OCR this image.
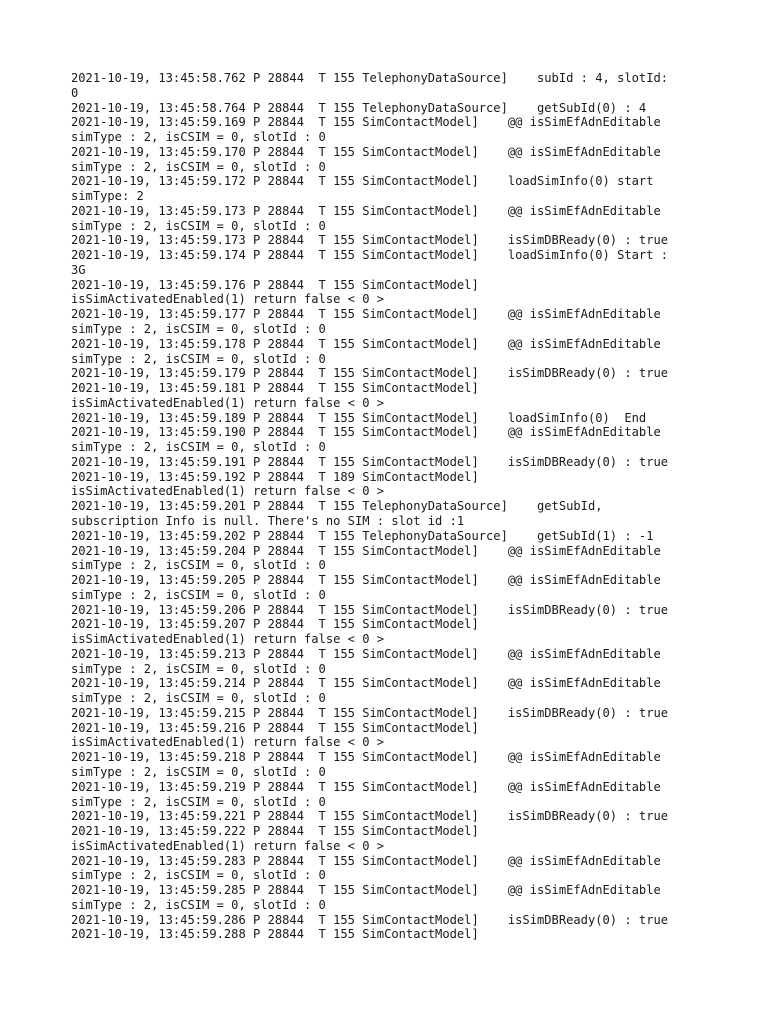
2021-10-19, 13:45:58.762 P 28844  T 155 TelephonyDataSource]    subId : 4, slotId:
0
2021-10-19, 13:45:58.764 P 28844  T 155 TelephonyDataSource]    getSubId(0) : 4
2021-10-19, 13:45:59.169 P 28844  T 155 SimContactModel]    @@ isSimEfAdnEditable
simType : 2, isCSIM = 0, slotId : 0
2021-10-19, 13:45:59.170 P 28844  T 155 SimContactModel]    @@ isSimEfAdnEditable
simType : 2, isCSIM = 0, slotId : 0
2021-10-19, 13:45:59.172 P 28844  T 155 SimContactModel]    loadSimInfo(0) start
simType: 2
2021-10-19, 13:45:59.173 P 28844  T 155 SimContactModel]    @@ isSimEfAdnEditable
simType : 2, isCSIM = 0, slotId : 0
2021-10-19, 13:45:59.173 P 28844  T 155 SimContactModel]    isSimDBReady(0) : true
2021-10-19, 13:45:59.174 P 28844  T 155 SimContactModel]    loadSimInfo(0) Start :
3G
2021-10-19, 13:45:59.176 P 28844  T 155 SimContactModel]
isSimActivatedEnabled(1) return false < 0 >
2021-10-19, 13:45:59.177 P 28844  T 155 SimContactModel]    @@ isSimEfAdnEditable
simType : 2, isCSIM = 0, slotId : 0
2021-10-19, 13:45:59.178 P 28844  T 155 SimContactModel]    @@ isSimEfAdnEditable
simType : 2, isCSIM = 0, slotId : 0
2021-10-19, 13:45:59.179 P 28844  T 155 SimContactModel]    isSimDBReady(0) : true
2021-10-19, 13:45:59.181 P 28844  T 155 SimContactModel]
isSimActivatedEnabled(1) return false < 0 >
2021-10-19, 13:45:59.189 P 28844  T 155 SimContactModel]    loadSimInfo(0)  End
2021-10-19, 13:45:59.190 P 28844  T 155 SimContactModel]    @@ isSimEfAdnEditable
simType : 2, isCSIM = 0, slotId : 0
2021-10-19, 13:45:59.191 P 28844  T 155 SimContactModel]    isSimDBReady(0) : true
2021-10-19, 13:45:59.192 P 28844  T 189 SimContactModel]
isSimActivatedEnabled(1) return false < 0 >
2021-10-19, 13:45:59.201 P 28844  T 155 TelephonyDataSource]    getSubId,
subscription Info is null. There's no SIM : slot id :1
2021-10-19, 13:45:59.202 P 28844  T 155 TelephonyDataSource]    getSubId(1) : -1
2021-10-19, 13:45:59.204 P 28844  T 155 SimContactModel]    @@ isSimEfAdnEditable
simType : 2, isCSIM = 0, slotId : 0
2021-10-19, 13:45:59.205 P 28844  T 155 SimContactModel]    @@ isSimEfAdnEditable
simType : 2, isCSIM = 0, slotId : 0
2021-10-19, 13:45:59.206 P 28844  T 155 SimContactModel]    isSimDBReady(0) : true
2021-10-19, 13:45:59.207 P 28844  T 155 SimContactModel]
isSimActivatedEnabled(1) return false < 0 >
2021-10-19, 13:45:59.213 P 28844  T 155 SimContactModel]    @@ isSimEfAdnEditable
simType : 2, isCSIM = 0, slotId : 0
2021-10-19, 13:45:59.214 P 28844  T 155 SimContactModel]    @@ isSimEfAdnEditable
simType : 2, isCSIM = 0, slotId : 0
2021-10-19, 13:45:59.215 P 28844  T 155 SimContactModel]    isSimDBReady(0) : true
2021-10-19, 13:45:59.216 P 28844  T 155 SimContactModel]
isSimActivatedEnabled(1) return false < 0 >
2021-10-19, 13:45:59.218 P 28844  T 155 SimContactModel]    @@ isSimEfAdnEditable
simType : 2, isCSIM = 0, slotId : 0
2021-10-19, 13:45:59.219 P 28844  T 155 SimContactModel]    @@ isSimEfAdnEditable
simType : 2, isCSIM = 0, slotId : 0
2021-10-19, 13:45:59.221 P 28844  T 155 SimContactModel]    isSimDBReady(0) : true
2021-10-19, 13:45:59.222 P 28844  T 155 SimContactModel]
isSimActivatedEnabled(1) return false < 0 >
2021-10-19, 13:45:59.283 P 28844  T 155 SimContactModel]    @@ isSimEfAdnEditable
simType : 2, isCSIM = 0, slotId : 0
2021-10-19, 13:45:59.285 P 28844  T 155 SimContactModel]    @@ isSimEfAdnEditable
simType : 2, isCSIM = 0, slotId : 0
2021-10-19, 13:45:59.286 P 28844  T 155 SimContactModel]    isSimDBReady(0) : true
2021-10-19, 13:45:59.288 P 28844  T 155 SimContactModel]
